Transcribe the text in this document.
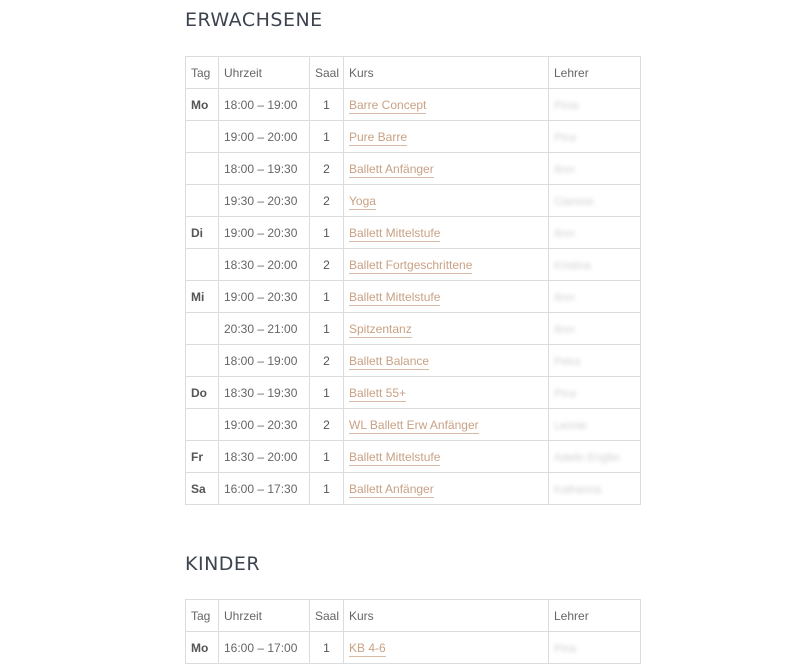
ERWACHSENE
Tag	Uhrzeit	Saal	Kurs	Lehrer
Mo	18:00 – 19:00	1	Barre Concept	Pinia
	19:00 – 20:00	1	Pure Barre	Pina
	18:00 – 19:30	2	Ballett Anfänger	Ilmn
	19:30 – 20:30	2	Yoga	Clarisse
Di	19:00 – 20:30	1	Ballett Mittelstufe	Ilmn
	18:30 – 20:00	2	Ballett Fortgeschrittene	Kristina
Mi	19:00 – 20:30	1	Ballett Mittelstufe	Ilmn
	20:30 – 21:00	1	Spitzentanz	Ilmn
	18:00 – 19:00	2	Ballett Balance	Petra
Do	18:30 – 19:30	1	Ballett 55+	Pina
	19:00 – 20:30	2	WL Ballett Erw Anfänger	Leonie
Fr	18:30 – 20:00	1	Ballett Mittelstufe	Adelin Engfer
Sa	16:00 – 17:30	1	Ballett Anfänger	Katharina
KINDER
Tag	Uhrzeit	Saal	Kurs	Lehrer
Mo	16:00 – 17:00	1	KB 4-6	Pina
